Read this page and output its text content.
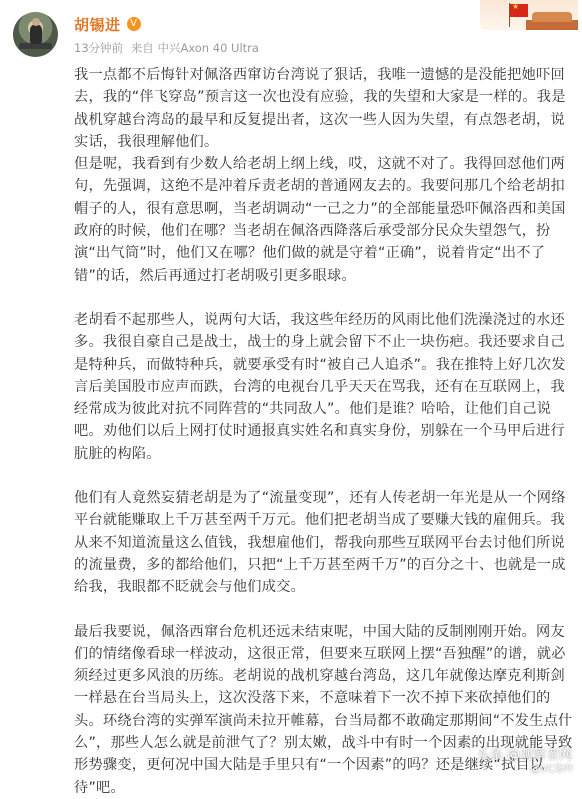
胡锡进 V
13分钟前 来自 中兴Axon 40 Ultra
★

我一点都不后悔针对佩洛西窜访台湾说了狠话，我唯一遗憾的是没能把她吓回去，我的“伴飞穿岛”预言这一次也没有应验，我的失望和大家是一样的。我是战机穿越台湾岛的最早和反复提出者，这次一些人因为失望，有点怨老胡，说实话，我很理解他们。

但是呢，我看到有少数人给老胡上纲上线，哎，这就不对了。我得回怼他们两句，先强调，这绝不是冲着斥责老胡的普通网友去的。我要问那几个给老胡扣帽子的人，很有意思啊，当老胡调动“一己之力”的全部能量恐吓佩洛西和美国政府的时候，他们在哪？当老胡在佩洛西降落后承受部分民众失望怨气，扮演“出气筒”时，他们又在哪？他们做的就是守着“正确”，说着肯定“出不了错”的话，然后再通过打老胡吸引更多眼球。

老胡看不起那些人，说两句大话，我这些年经历的风雨比他们洗澡浇过的水还多。我很自豪自己是战士，战士的身上就会留下不止一块伤疤。我还要求自己是特种兵，而做特种兵，就要承受有时“被自己人追杀”。我在推特上好几次发言后美国股市应声而跌，台湾的电视台几乎天天在骂我，还有在互联网上，我经常成为彼此对抗不同阵营的“共同敌人”。他们是谁？哈哈，让他们自己说吧。劝他们以后上网打仗时通报真实姓名和真实身份，别躲在一个马甲后进行肮脏的构陷。

他们有人竟然妄猜老胡是为了“流量变现”，还有人传老胡一年光是从一个网络平台就能赚取上千万甚至两千万元。他们把老胡当成了要赚大钱的雇佣兵。我从来不知道流量这么值钱，我想雇他们，帮我向那些互联网平台去讨他们所说的流量费，多的都给他们，只把“上千万甚至两千万”的百分之十、也就是一成给我，我眼都不眨就会与他们成交。

最后我要说，佩洛西窜台危机还远未结束呢，中国大陆的反制刚刚开始。网友们的情绪像看球一样波动，这很正常，但要来互联网上摆“吾独醒”的谱，就必须经过更多风浪的历练。老胡说的战机穿越台湾岛，这几年就像达摩克利斯剑一样悬在台当局头上，这次没落下来，不意味着下一次不掉下来砍掉他们的头。环绕台湾的实弹军演尚未拉开帷幕，台当局都不敢确定那期间“不发生点什么”，那些人怎么就是前泄气了？别太嫩，战斗中有时一个因素的出现就能导致形势骤变，更何况中国大陆是手里只有“一个因素”的吗？还是继续“拭目以待”吧。

头条 @观察者网
@VC朱叶
